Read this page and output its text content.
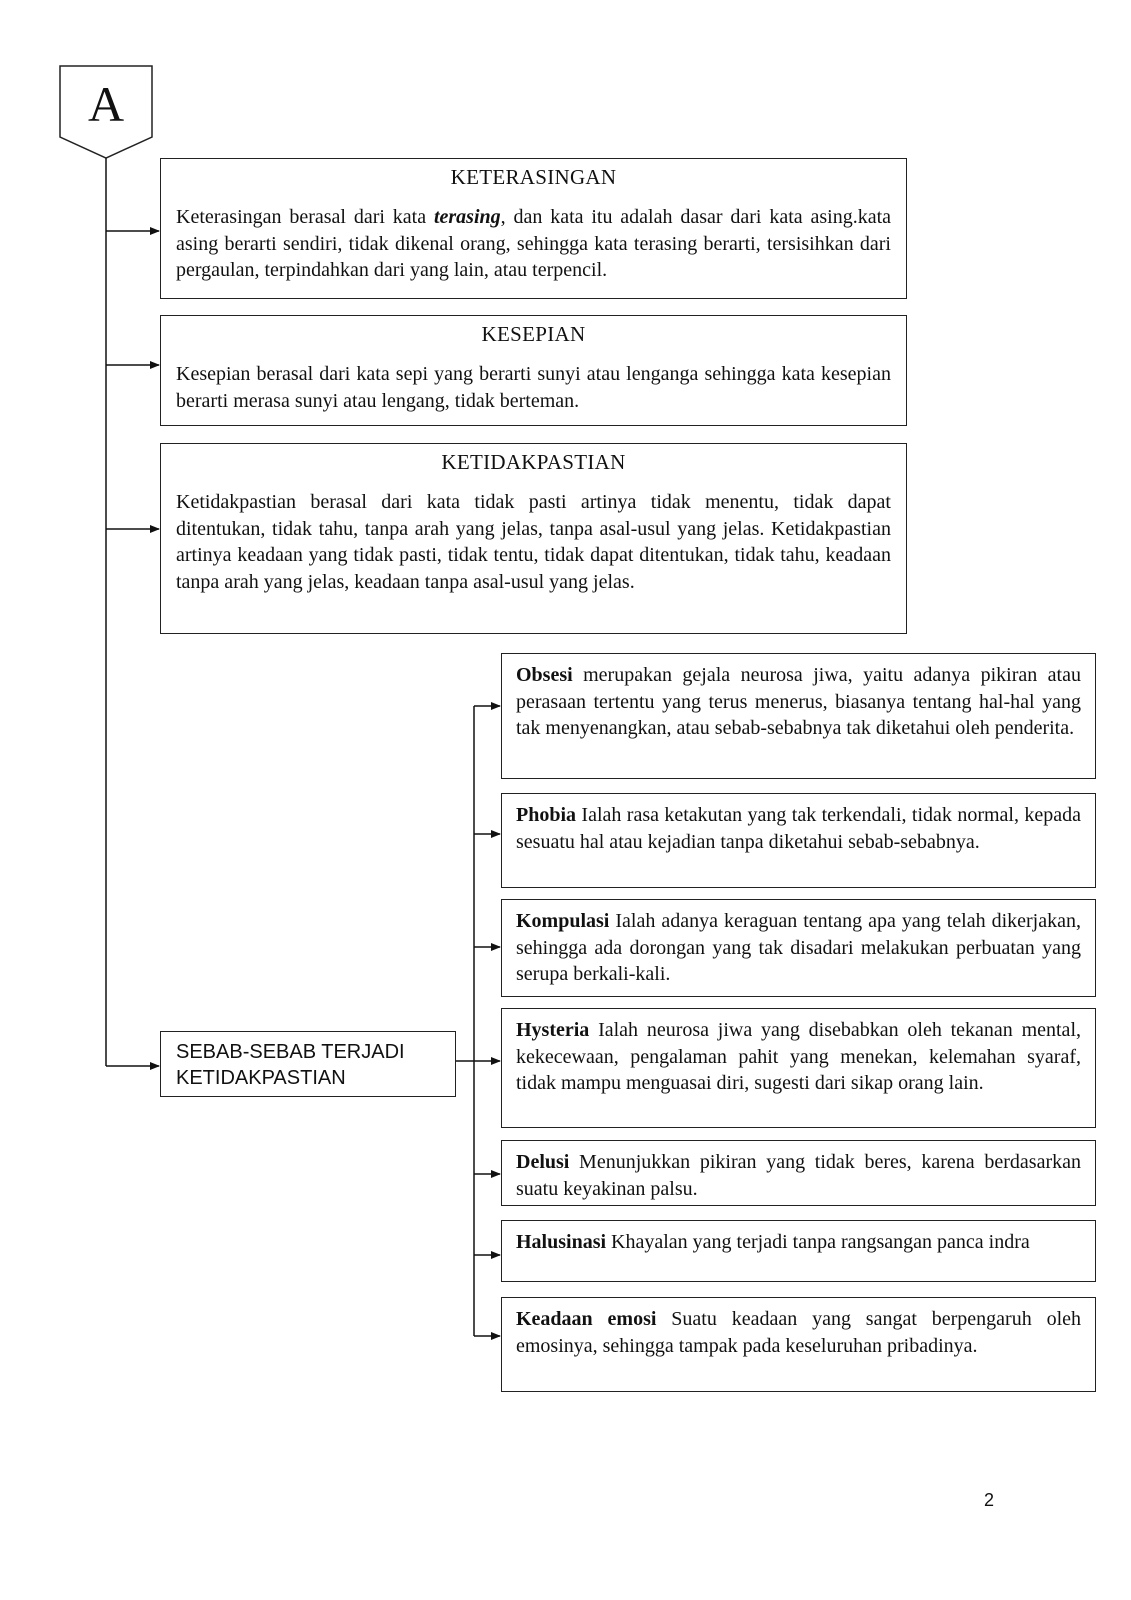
A
KETERASINGAN
Keterasingan berasal dari kata terasing, dan kata itu adalah dasar dari kata asing.kata asing berarti sendiri, tidak dikenal orang, sehingga kata terasing berarti, tersisihkan dari pergaulan, terpindahkan dari yang lain, atau terpencil.
KESEPIAN
Kesepian berasal dari kata sepi yang berarti sunyi atau lenganga sehingga kata kesepian berarti merasa sunyi atau lengang, tidak berteman.
KETIDAKPASTIAN
Ketidakpastian berasal dari kata tidak pasti artinya tidak menentu, tidak dapat ditentukan, tidak tahu, tanpa arah yang jelas, tanpa asal-usul yang jelas. Ketidakpastian artinya keadaan yang tidak pasti, tidak tentu, tidak dapat ditentukan, tidak tahu, keadaan tanpa arah yang jelas, keadaan tanpa asal-usul yang jelas.
SEBAB-SEBAB TERJADI KETIDAKPASTIAN
Obsesi merupakan gejala neurosa jiwa, yaitu adanya pikiran atau perasaan tertentu yang terus menerus, biasanya tentang hal-hal yang tak menyenangkan, atau sebab-sebabnya tak diketahui oleh penderita.
Phobia Ialah rasa ketakutan yang tak terkendali, tidak normal, kepada sesuatu hal atau kejadian tanpa diketahui sebab-sebabnya.
Kompulasi Ialah adanya keraguan tentang apa yang telah dikerjakan, sehingga ada dorongan yang tak disadari melakukan perbuatan yang serupa berkali-kali.
Hysteria Ialah neurosa jiwa yang disebabkan oleh tekanan mental, kekecewaan, pengalaman pahit yang menekan, kelemahan syaraf, tidak mampu menguasai diri, sugesti dari sikap orang lain.
Delusi Menunjukkan pikiran yang tidak beres, karena berdasarkan suatu keyakinan palsu.
Halusinasi Khayalan yang terjadi tanpa rangsangan panca indra
Keadaan emosi Suatu keadaan yang sangat berpengaruh oleh emosinya, sehingga tampak pada keseluruhan pribadinya.
2
